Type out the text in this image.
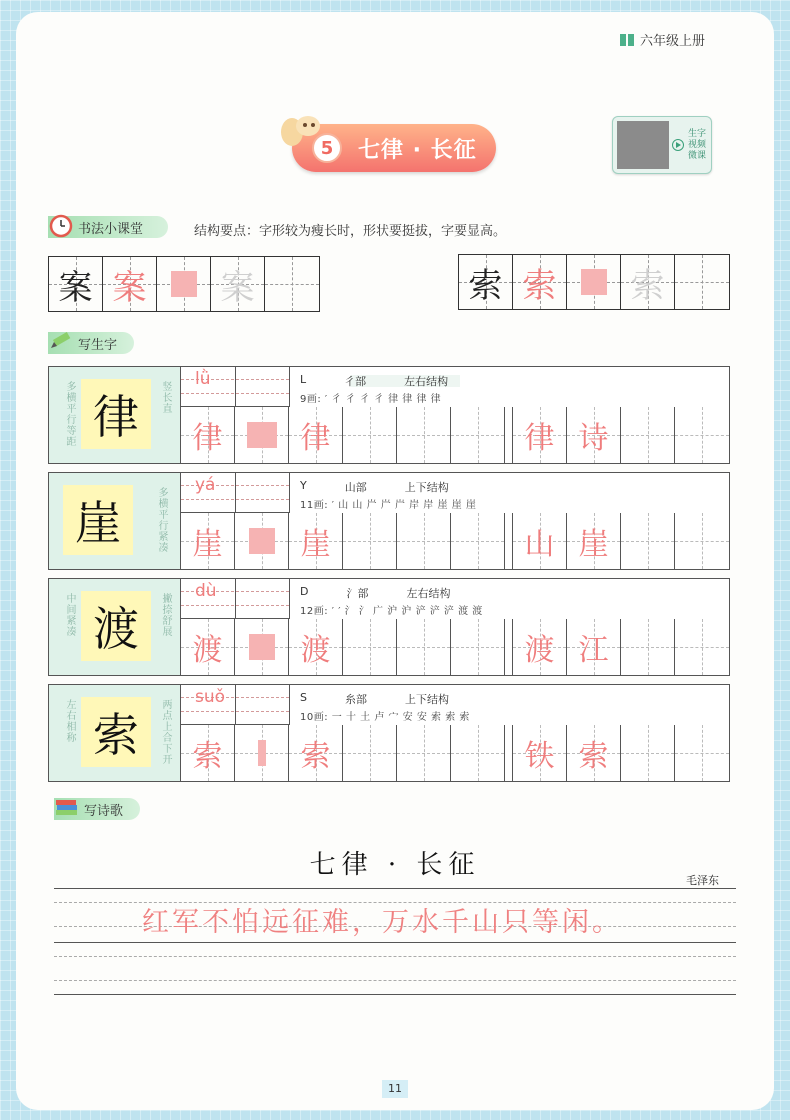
六年级上册
5	七律 · 长征
生字
视频
微课
书法小课堂	结构要点：字形较为瘦长时，形状要挺拔，字要显高。
案 案 案	索 索 索
写生字
多横平行等距 律	竖长直
lǜ	L	彳部	左右结构
9画: ′ 彳 彳 彳 彳 律 律 律 律
律	律	律 诗
崖	多横平行紧凑
yá	Y	山部	上下结构
11画: ′ 山 山 屵 屵 屵 岸 岸 崖 崖 崖
崖	崖	山 崖
中间紧凑 渡	撇捺舒展
dù	D	氵部	左右结构
12画: ′ ′ 氵 氵 广 沪 沪 浐 浐 浐 渡 渡
渡	渡	渡 江
左右相称 索	两点上合下开
suǒ	S	糸部	上下结构
10画: 一 十 土 卢 宀 安 安 索 索 索
索	索	铁 索
写诗歌
七律 · 长征
毛泽东
红军不怕远征难，万水千山只等闲。
11
